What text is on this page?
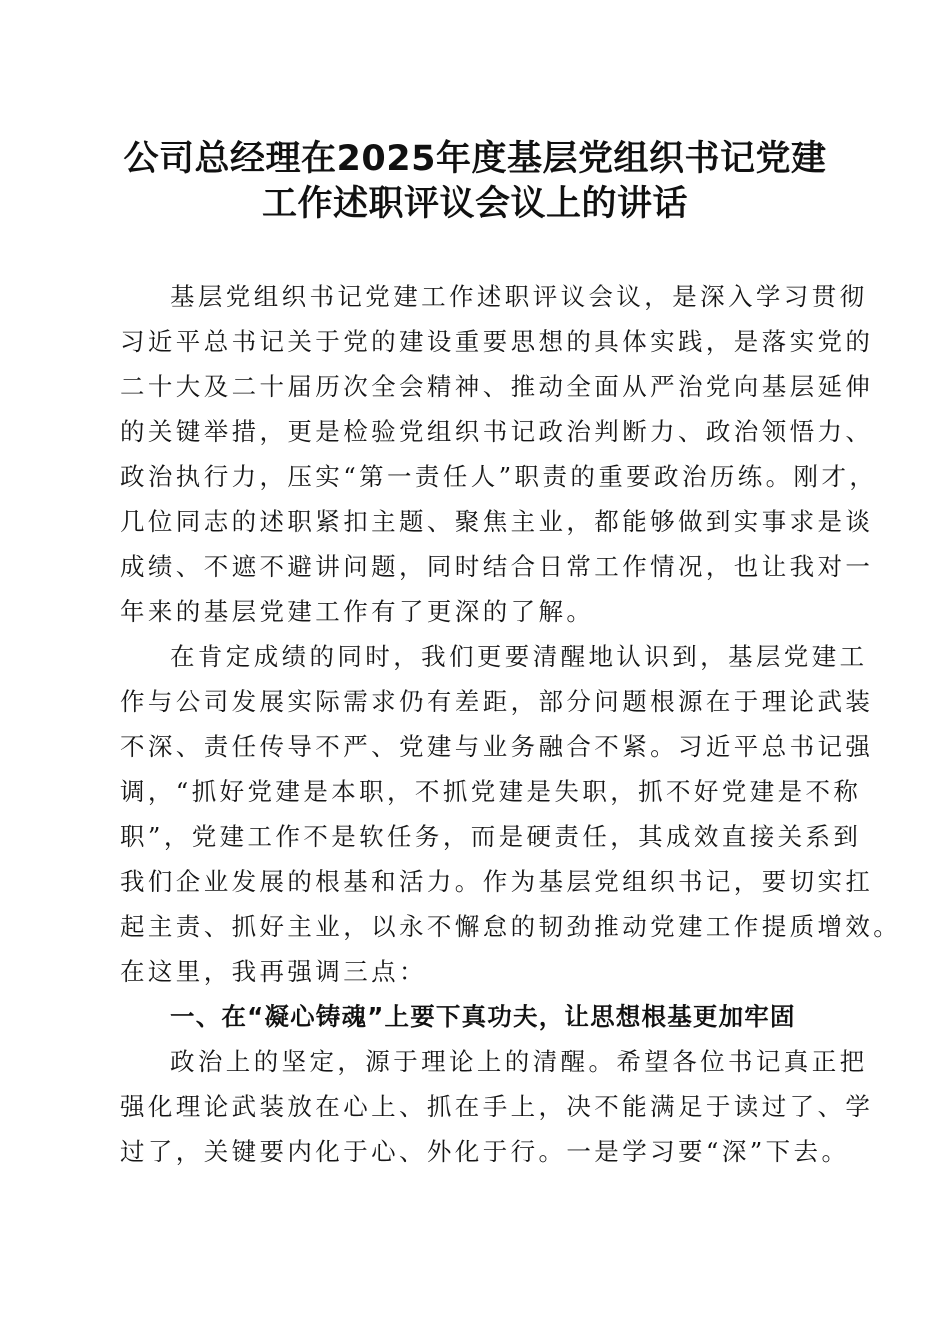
公司总经理在2025年度基层党组织书记党建
工作述职评议会议上的讲话
基层党组织书记党建工作述职评议会议，是深入学习贯彻
习近平总书记关于党的建设重要思想的具体实践，是落实党的
二十大及二十届历次全会精神、推动全面从严治党向基层延伸
的关键举措，更是检验党组织书记政治判断力、政治领悟力、
政治执行力，压实“第一责任人”职责的重要政治历练。刚才，
几位同志的述职紧扣主题、聚焦主业，都能够做到实事求是谈
成绩、不遮不避讲问题，同时结合日常工作情况，也让我对一
年来的基层党建工作有了更深的了解。
在肯定成绩的同时，我们更要清醒地认识到，基层党建工
作与公司发展实际需求仍有差距，部分问题根源在于理论武装
不深、责任传导不严、党建与业务融合不紧。习近平总书记强
调，“抓好党建是本职，不抓党建是失职，抓不好党建是不称
职”，党建工作不是软任务，而是硬责任，其成效直接关系到
我们企业发展的根基和活力。作为基层党组织书记，要切实扛
起主责、抓好主业，以永不懈怠的韧劲推动党建工作提质增效。
在这里，我再强调三点：
一、在“凝心铸魂”上要下真功夫，让思想根基更加牢固
政治上的坚定，源于理论上的清醒。希望各位书记真正把
强化理论武装放在心上、抓在手上，决不能满足于读过了、学
过了，关键要内化于心、外化于行。一是学习要“深”下去。
